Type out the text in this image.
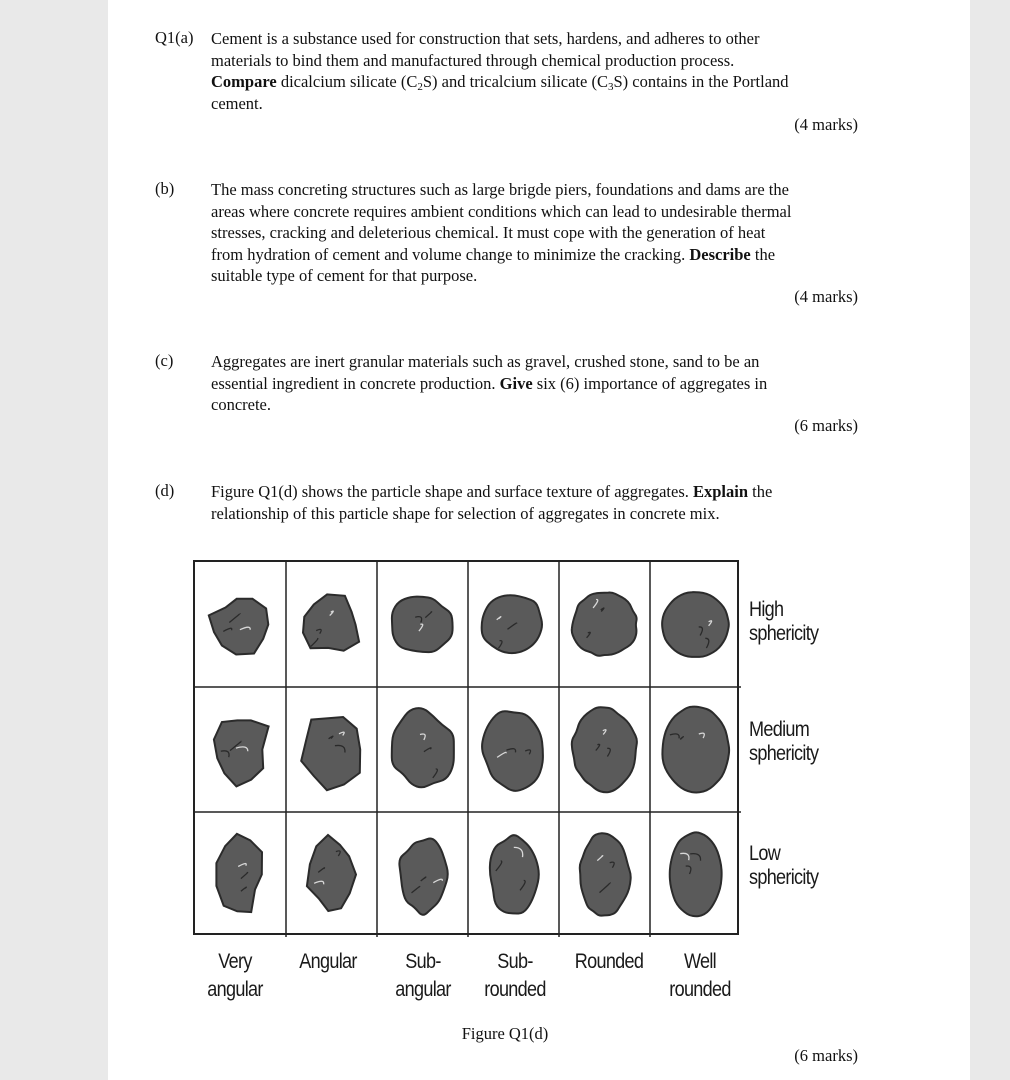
Q1(a) Cement is a substance used for construction that sets, hardens, and adheres to other
materials to bind them and manufactured through chemical production process.
Compare dicalcium silicate $(C_2S)$ and tricalcium silicate $(C_3S)$ contains in the Portland
cement.
(4 marks)
(b) The mass concreting structures such as large brigde piers, foundations and dams are the
areas where concrete requires ambient conditions which can lead to undesirable thermal
stresses, cracking and deleterious chemical. It must cope with the generation of heat
from hydration of cement and volume change to minimize the cracking. Describe the
suitable type of cement for that purpose.
(4 marks)
(c) Aggregates are inert granular materials such as gravel, crushed stone, sand to be an
essential ingredient in concrete production. Give six (6) importance of aggregates in
concrete.
(6 marks)
(d) Figure Q1(d) shows the particle shape and surface texture of aggregates. Explain the
relationship of this particle shape for selection of aggregates in concrete mix.
High
sphericity
Medium
sphericity
Low
sphericity
Very
angular
Angular	Sub-
angular
Sub-
rounded
Rounded	Well
rounded
Figure Q1(d)
(6 marks)
